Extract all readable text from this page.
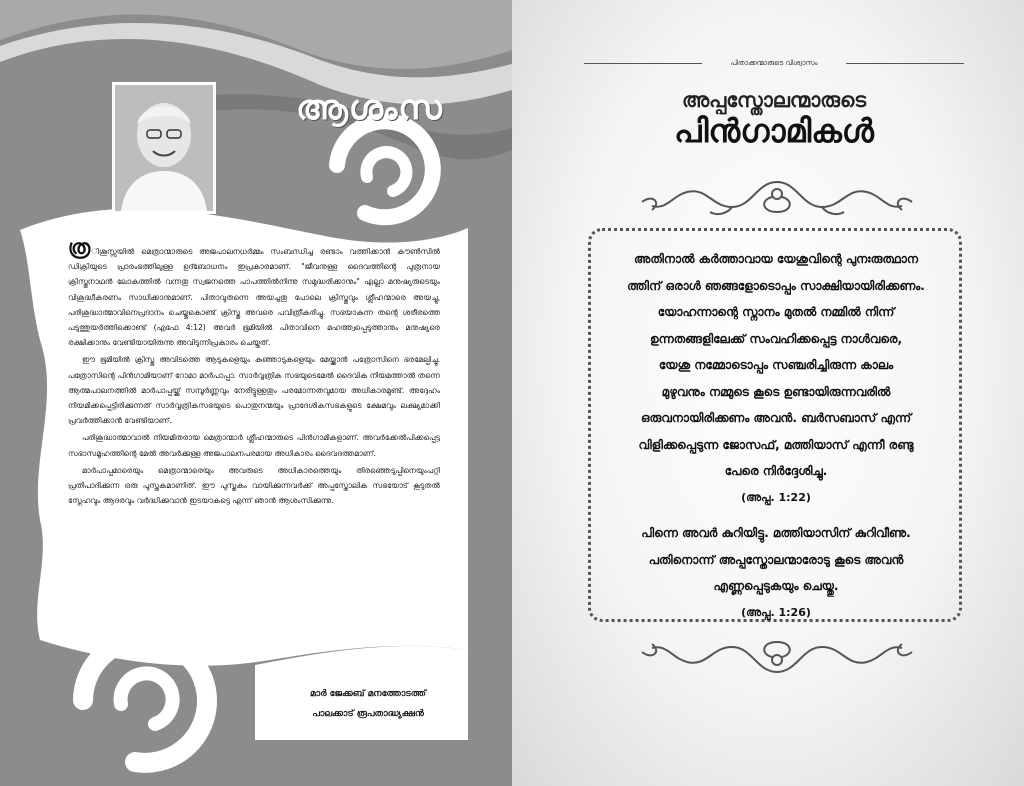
ആശംസ

ത്രിശൂസ്സയിൽ മെത്രാന്മാരുടെ അജപാലനധർമ്മം സംബന്ധിച്ച രണ്ടാം വത്തിക്കാൻ കൗൺസിൽ ഡിക്രിയുടെ പ്രാരംഭത്തിലുള്ള ഉദ്ബോധനം ഇപ്രകാരമാണ്. "ജീവനുള്ള ദൈവത്തിന്റെ പുത്രനായ ക്രിസ്തുനാഥൻ ലോകത്തിൽ വന്നതു സ്വജനത്തെ പാപത്തിൽനിന്നു സമുദ്ധരിക്കാനും" എല്ലാ മനുഷ്യരുടെയും വിശുദ്ധീകരണം സാധിക്കാനുമാണ്. പിതാവുതന്നെ അയച്ചതു പോലെ ക്രിസ്തുവും ശ്ലീഹന്മാരെ അയച്ചു, പരിശുദ്ധാത്മാവിനെപ്രദാനം ചെയ്തുകൊണ്ട് ക്രിസ്തു അവരെ പവിത്രീകരിച്ചു. സഭയാകുന്ന തന്റെ ശരീരത്തെ പടുത്തുയർത്തിക്കൊണ്ട് (എഫേ 4:12) അവർ ഭൂമിയിൽ പിതാവിനെ മഹത്ത്വപ്പെടുത്താനും മനുഷ്യരെ രക്ഷിക്കാനും വേണ്ടിയായിരുന്നു അവിടുന്നിപ്രകാരം ചെയ്തത്.

ഈ ഭൂമിയിൽ ക്രിസ്തു അവിടത്തെ ആടുകളെയും കുഞ്ഞാടുകളെയും മേയ്ക്കാൻ പത്രോസിനെ ഭരമേല്പിച്ചു. പത്രോസിന്റെ പിൻഗാമിയാണ് റോമാ മാർപാപ്പാ. സാർവ്വത്രിക സഭയുടെമേൽ ദൈവിക നിയമത്താൽ തന്നെ ആത്മപാലനത്തിൽ മാർപാപ്പയ്ക്ക് സമ്പൂർണ്ണവും നേരിട്ടുള്ളതും പരമോന്നതവുമായ അധികാരമുണ്ട്. അദ്ദേഹം നിയമിക്കപ്പെട്ടിരിക്കുന്നത് സാർവ്വത്രികസഭയുടെ പൊതുനന്മയും പ്രാദേശികസഭകളുടെ ക്ഷേമവും ലക്ഷ്യമാക്കി പ്രവർത്തിക്കാൻ വേണ്ടിയാണ്.

പരിശുദ്ധാത്മാവാൽ നിയമിതരായ മെത്രാന്മാർ ശ്ലീഹന്മാരുടെ പിൻഗാമികളാണ്. അവർക്കേൽപിക്കപ്പെട്ട സഭാസമൂഹത്തിന്റെ മേൽ അവർക്കുള്ള അജപാലനപരമായ അധികാരം ദൈവദത്തമാണ്.

മാർപാപ്പമാരെയും മെത്രാന്മാരെയും അവരുടെ അധികാരത്തെയും തിരഞ്ഞെടുപ്പിനെയുംപറ്റി പ്രതിപാദിക്കുന്ന ഒരു പുസ്തകമാണിത്. ഈ പുസ്തകം വായിക്കുന്നവർക്ക് അപ്പസ്തോലിക സഭയോട് കൂടുതൽ സ്നേഹവും ആദരവും വർദ്ധിക്കുവാൻ ഇടയാകട്ടെ എന്ന് ഞാൻ ആശംസിക്കുന്നു.

മാർ ജേക്കബ് മനത്തോടത്ത്
പാലക്കാട് രൂപതാദ്ധ്യക്ഷൻ
പിതാക്കന്മാരുടെ വിശ്വാസം
അപ്പസ്തോലന്മാരുടെ
പിൻഗാമികൾ
അതിനാൽ കർത്താവായ യേശുവിന്റെ പുനഃരുത്ഥാന
ത്തിന് ഒരാൾ ഞങ്ങളോടൊപ്പം സാക്ഷിയായിരിക്കണം.
യോഹന്നാന്റെ സ്നാനം മുതൽ നമ്മിൽ നിന്ന്
ഉന്നതങ്ങളിലേക്ക് സംവഹിക്കപ്പെട്ട നാൾവരെ,
യേശു നമ്മോടൊപ്പം സഞ്ചരിച്ചിരുന്ന കാലം
മുഴുവനും നമ്മുടെ കൂടെ ഉണ്ടായിരുന്നവരിൽ
ഒരുവനായിരിക്കണം അവൻ. ബർസബാസ് എന്ന്
വിളിക്കപ്പെടുന്ന ജോസഫ്, മത്തിയാസ് എന്നീ രണ്ടു
പേരെ നിർദ്ദേശിച്ചു.
(അപ്പ. 1:22)
പിന്നെ അവർ കുറിയിട്ടു. മത്തിയാസിന് കുറിവീണു.
പതിനൊന്ന് അപ്പസ്തോലന്മാരോടു കൂടെ അവൻ
എണ്ണപ്പെടുകയും ചെയ്തു.
(അപ്പ. 1:26)
